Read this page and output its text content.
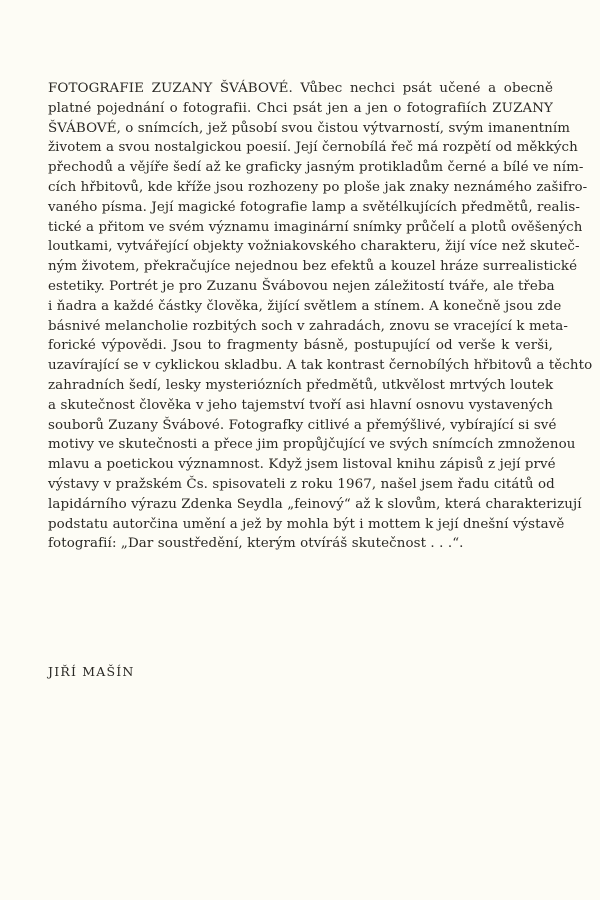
FOTOGRAFIE ZUZANY ŠVÁBOVÉ. Vůbec nechci psát učené a obecně
platné pojednání o fotografii. Chci psát jen a jen o fotografiích ZUZANY
ŠVÁBOVÉ, o snímcích, jež působí svou čistou výtvarností, svým imanentním
životem a svou nostalgickou poesií. Její černobílá řeč má rozpětí od měkkých
přechodů a vějíře šedí až ke graficky jasným protikladům černé a bílé ve ním-
cích hřbitovů, kde kříže jsou rozhozeny po ploše jak znaky neznámého zašifro-
vaného písma. Její magické fotografie lamp a světélkujících předmětů, realis-
tické a přitom ve svém významu imaginární snímky průčelí a plotů ověšených
loutkami, vytvářející objekty vožniakovského charakteru, žijí více než skuteč-
ným životem, překračujíce nejednou bez efektů a kouzel hráze surrealistické
estetiky. Portrét je pro Zuzanu Švábovou nejen záležitostí tváře, ale třeba
i ňadra a každé částky člověka, žijící světlem a stínem. A konečně jsou zde
básnivé melancholie rozbitých soch v zahradách, znovu se vracející k meta-
forické výpovědi. Jsou to fragmenty básně, postupující od verše k verši,
uzavírající se v cyklickou skladbu. A tak kontrast černobílých hřbitovů a těchto
zahradních šedí, lesky mysteriózních předmětů, utkvělost mrtvých loutek
a skutečnost člověka v jeho tajemství tvoří asi hlavní osnovu vystavených
souborů Zuzany Švábové. Fotografky citlivé a přemýšlivé, vybírající si své
motivy ve skutečnosti a přece jim propůjčující ve svých snímcích zmnoženou
mlavu a poetickou významnost. Když jsem listoval knihu zápisů z její prvé
výstavy v pražském Čs. spisovateli z roku 1967, našel jsem řadu citátů od
lapidárního výrazu Zdenka Seydla „feinový“ až k slovům, která charakterizují
podstatu autorčina umění a jež by mohla být i mottem k její dnešní výstavě
fotografií: „Dar soustředění, kterým otvíráš skutečnost . . .“.
JIŘÍ MAŠÍN
